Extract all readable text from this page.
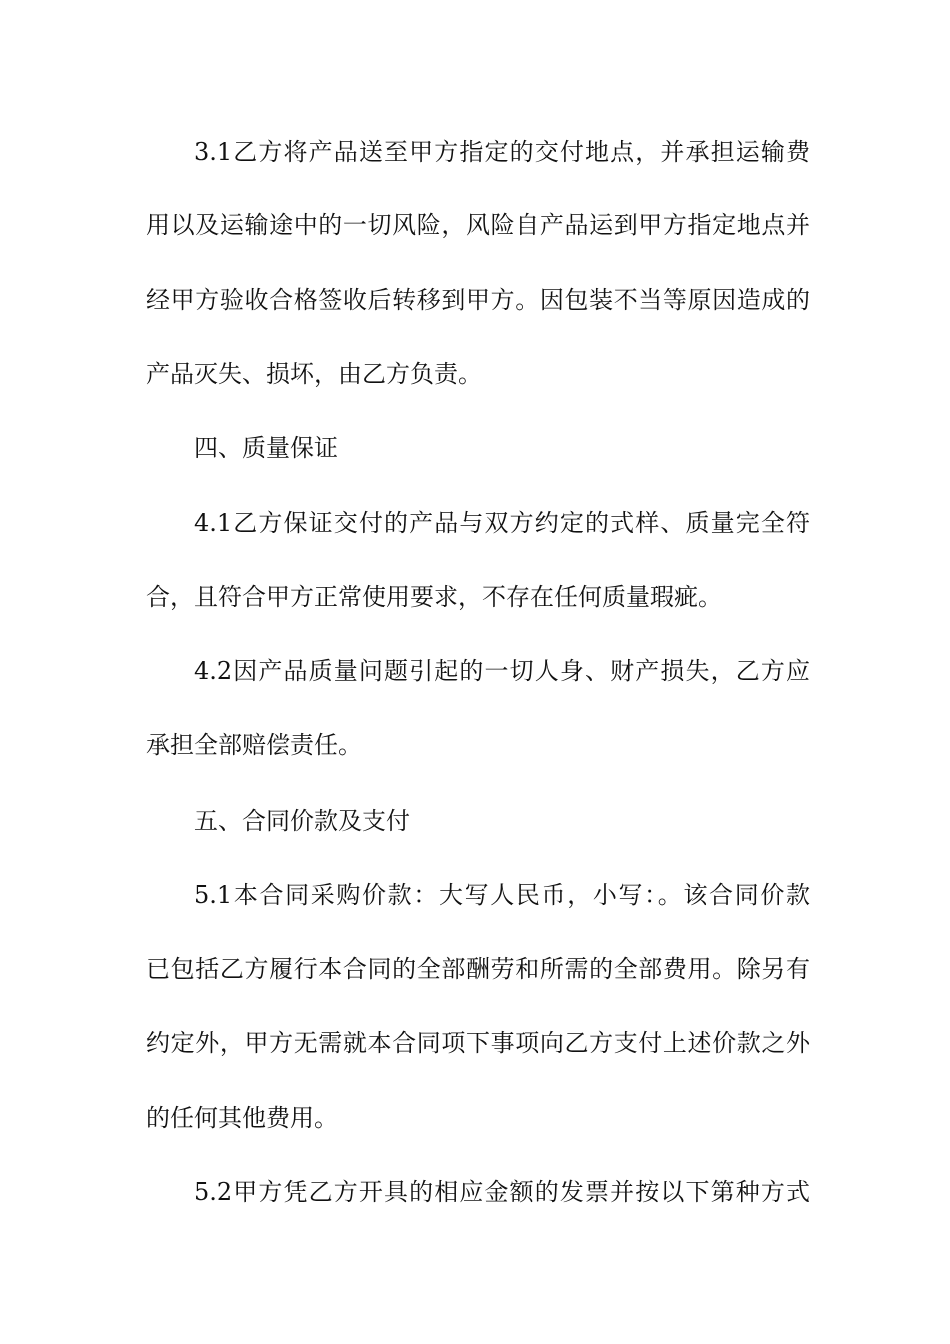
3.1乙方将产品送至甲方指定的交付地点，并承担运输费
用以及运输途中的一切风险，风险自产品运到甲方指定地点并
经甲方验收合格签收后转移到甲方。因包装不当等原因造成的
产品灭失、损坏，由乙方负责。
四、质量保证
4.1乙方保证交付的产品与双方约定的式样、质量完全符
合，且符合甲方正常使用要求，不存在任何质量瑕疵。
4.2因产品质量问题引起的一切人身、财产损失，乙方应
承担全部赔偿责任。
五、合同价款及支付
5.1本合同采购价款：大写人民币，小写：。该合同价款
已包括乙方履行本合同的全部酬劳和所需的全部费用。除另有
约定外，甲方无需就本合同项下事项向乙方支付上述价款之外
的任何其他费用。
5.2甲方凭乙方开具的相应金额的发票并按以下第种方式
